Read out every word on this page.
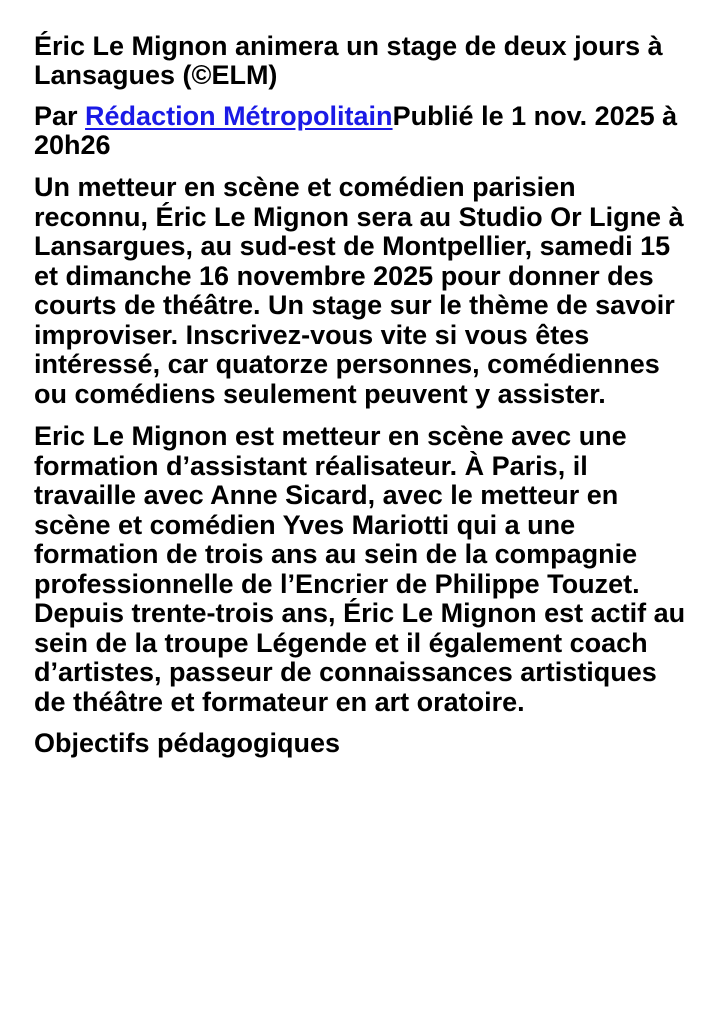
Éric Le Mignon animera un stage de deux jours à Lansagues (©ELM)

Par Rédaction MétropolitainPublié le 1 nov. 2025 à 20h26

Un metteur en scène et comédien parisien reconnu, Éric Le Mignon sera au Studio Or Ligne à Lansargues, au sud-est de Montpellier, samedi 15 et dimanche 16 novembre 2025 pour donner des courts de théâtre. Un stage sur le thème de savoir improviser. Inscrivez-vous vite si vous êtes intéressé, car quatorze personnes, comédiennes ou comédiens seulement peuvent y assister.

Eric Le Mignon est metteur en scène avec une formation d’assistant réalisateur. À Paris, il travaille avec Anne Sicard, avec le metteur en scène et comédien Yves Mariotti qui a une formation de trois ans au sein de la compagnie professionnelle de l’Encrier de Philippe Touzet. Depuis trente-trois ans, Éric Le Mignon est actif au sein de la troupe Légende et il également coach d’artistes, passeur de connaissances artistiques de théâtre et formateur en art oratoire.

Objectifs pédagogiques
